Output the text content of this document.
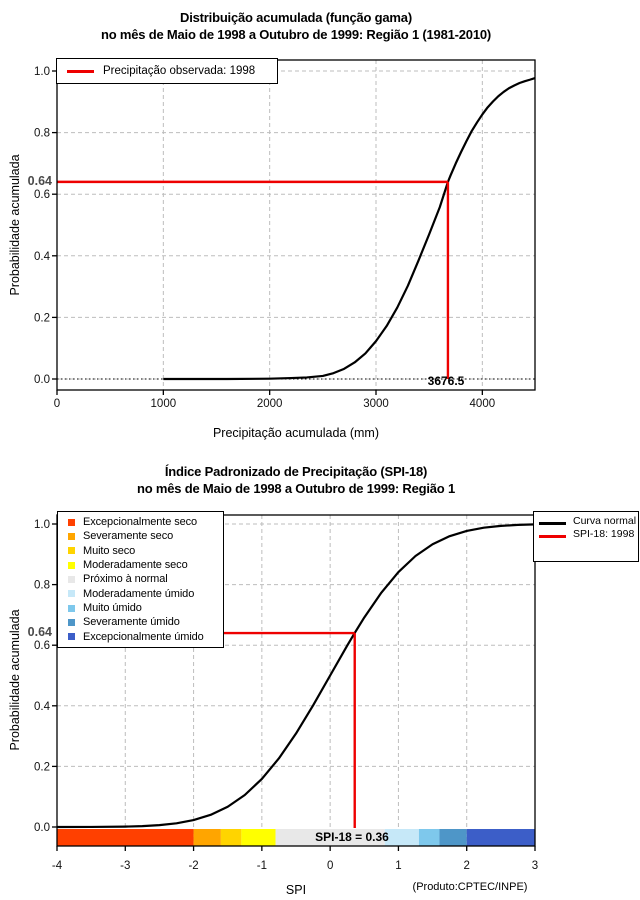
0	1000	2000	3000	4000
0.0
0.2
0.4
0.6
0.8
1.0
Distribuição acumulada (função gama)
no mês de Maio de 1998 a Outubro de 1999: Região 1 (1981-2010)
Probabilidade acumulada
Precipitação acumulada (mm)
Precipitação observada: 1998
0.64
3676.5
-4	-3	-2	-1	0	1	2	3
0.0
0.2
0.4
0.6
0.8
1.0
Índice Padronizado de Precipitação (SPI-18)
no mês de Maio de 1998 a Outubro de 1999: Região 1
Probabilidade acumulada
SPI	(Produto:CPTEC/INPE)
Excepcionalmente seco
Severamente seco
Muito seco
Moderadamente seco
Próximo à normal
Moderadamente úmido
Muito úmido
Severamente úmido
Excepcionalmente úmido
Curva normal
SPI-18: 1998
0.64
SPI-18 = 0.36
